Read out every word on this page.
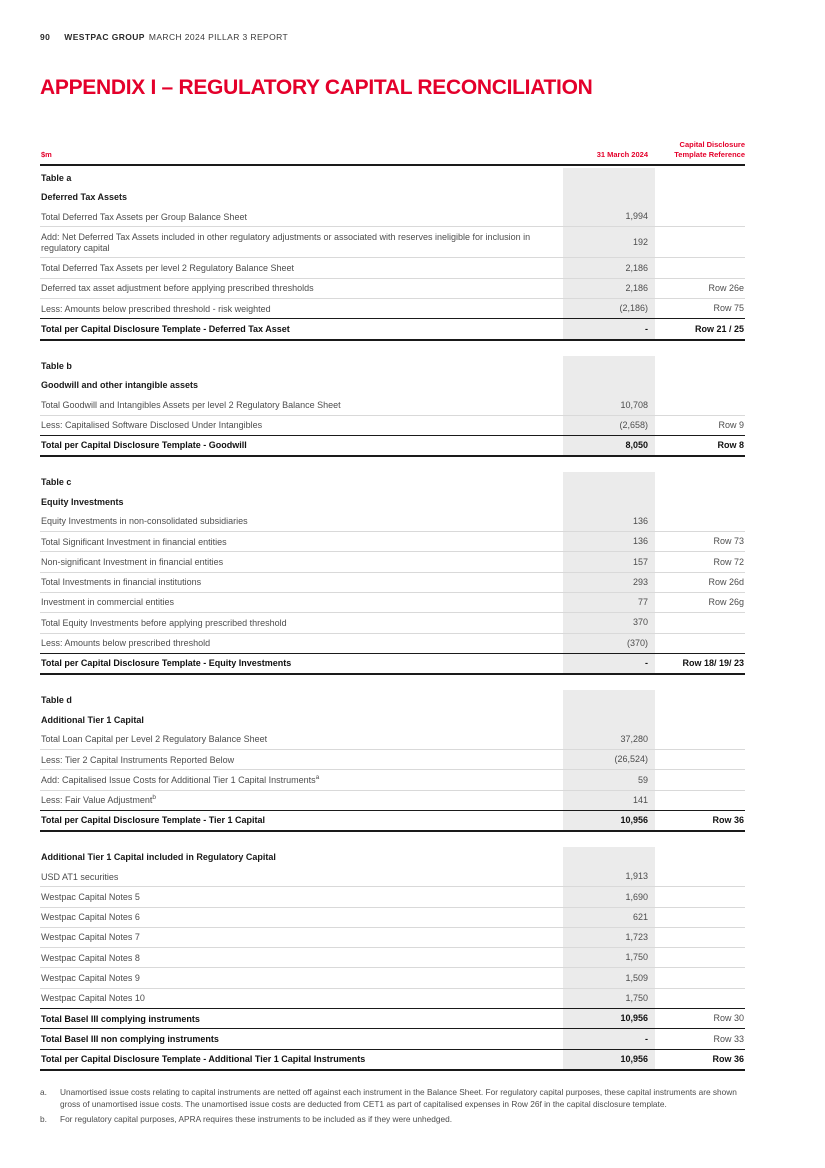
90 WESTPAC GROUP MARCH 2024 PILLAR 3 REPORT
APPENDIX I – REGULATORY CAPITAL RECONCILIATION
$m	31 March 2024
Capital Disclosure Template Reference
Table a
Deferred Tax Assets
Total Deferred Tax Assets per Group Balance Sheet	1,994
Add: Net Deferred Tax Assets included in other regulatory adjustments or associated with reserves ineligible for inclusion in regulatory capital
192
Total Deferred Tax Assets per level 2 Regulatory Balance Sheet	2,186
Deferred tax asset adjustment before applying prescribed thresholds	2,186	Row 26e
Less: Amounts below prescribed threshold - risk weighted	(2,186)	Row 75
Total per Capital Disclosure Template - Deferred Tax Asset	-	Row 21 / 25
Table b
Goodwill and other intangible assets
Total Goodwill and Intangibles Assets per level 2 Regulatory Balance Sheet	10,708
Less: Capitalised Software Disclosed Under Intangibles	(2,658)	Row 9
Total per Capital Disclosure Template - Goodwill	8,050	Row 8
Table c
Equity Investments
Equity Investments in non-consolidated subsidiaries	136
Total Significant Investment in financial entities	136	Row 73
Non-significant Investment in financial entities	157	Row 72
Total Investments in financial institutions	293	Row 26d
Investment in commercial entities	77	Row 26g
Total Equity Investments before applying prescribed threshold	370
Less: Amounts below prescribed threshold	(370)
Total per Capital Disclosure Template - Equity Investments	-	Row 18/ 19/ 23
Table d
Additional Tier 1 Capital
Total Loan Capital per Level 2 Regulatory Balance Sheet	37,280
Less: Tier 2 Capital Instruments Reported Below	(26,524)
Add: Capitalised Issue Costs for Additional Tier 1 Capital Instruments$^a$	59
Less: Fair Value Adjustment$^b$	141
Total per Capital Disclosure Template - Tier 1 Capital	10,956	Row 36
Additional Tier 1 Capital included in Regulatory Capital
USD AT1 securities	1,913
Westpac Capital Notes 5	1,690
Westpac Capital Notes 6	621
Westpac Capital Notes 7	1,723
Westpac Capital Notes 8	1,750
Westpac Capital Notes 9	1,509
Westpac Capital Notes 10	1,750
Total Basel III complying instruments	10,956	Row 30
Total Basel III non complying instruments	-	Row 33
Total per Capital Disclosure Template - Additional Tier 1 Capital Instruments	10,956	Row 36
a.	Unamortised issue costs relating to capital instruments are netted off against each instrument in the Balance Sheet. For regulatory capital purposes, these capital instruments are shown gross of unamortised issue costs. The unamortised issue costs are deducted from CET1 as part of capitalised expenses in Row 26f in the capital disclosure template.
b.	For regulatory capital purposes, APRA requires these instruments to be included as if they were unhedged.
